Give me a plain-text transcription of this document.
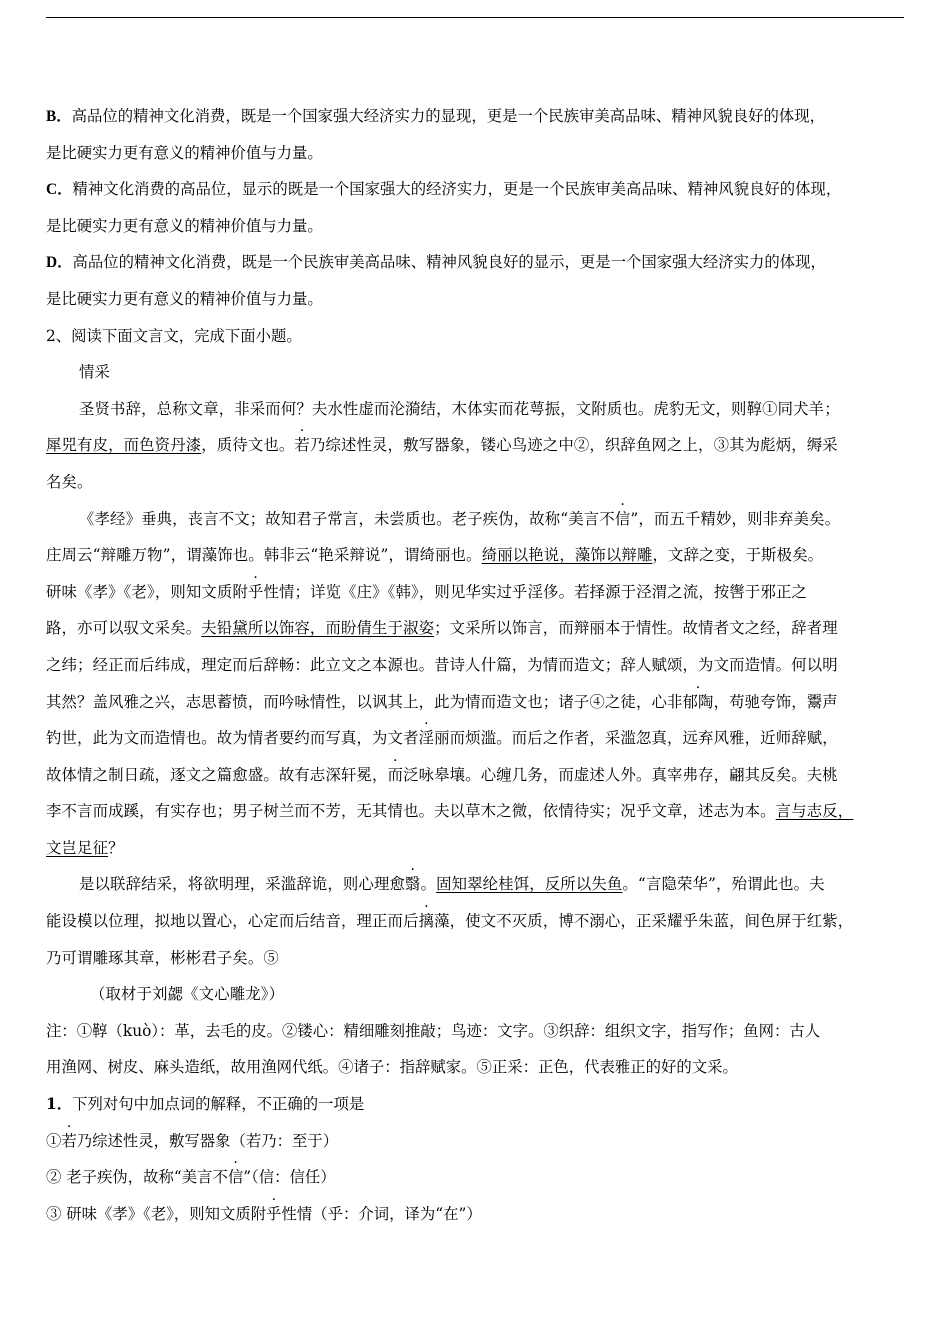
B．高品位的精神文化消费，既是一个国家强大经济实力的显现，更是一个民族审美高品味、精神风貌良好的体现，
是比硬实力更有意义的精神价值与力量。
C．精神文化消费的高品位，显示的既是一个国家强大的经济实力，更是一个民族审美高品味、精神风貌良好的体现，
是比硬实力更有意义的精神价值与力量。
D．高品位的精神文化消费，既是一个民族审美高品味、精神风貌良好的显示，更是一个国家强大经济实力的体现，
是比硬实力更有意义的精神价值与力量。
2、阅读下面文言文，完成下面小题。
情采
圣贤书辞，总称文章，非采而何？夫水性虚而沦漪结，木体实而花萼振，文附质也。虎豹无文，则鞟①同犬羊；
犀兕有皮，而色资丹漆，质待文也。若乃综述性灵，敷写器象，镂心鸟迹之中②，织辞鱼网之上，③其为彪炳，缛采
名矣。
《孝经》垂典，丧言不文；故知君子常言，未尝质也。老子疾伪，故称“美言不信”，而五千精妙，则非弃美矣。
庄周云“辩雕万物”，谓藻饰也。韩非云“艳采辩说”，谓绮丽也。绮丽以艳说，藻饰以辩雕，文辞之变，于斯极矣。
研味《孝》《老》，则知文质附乎性情；详览《庄》《韩》，则见华实过乎淫侈。若择源于泾渭之流，按辔于邪正之
路，亦可以驭文采矣。夫铅黛所以饰容，而盼倩生于淑姿；文采所以饰言，而辩丽本于情性。故情者文之经，辞者理
之纬；经正而后纬成，理定而后辞畅：此立文之本源也。昔诗人什篇，为情而造文；辞人赋颂，为文而造情。何以明
其然？盖风雅之兴，志思蓄愤，而吟咏情性，以讽其上，此为情而造文也；诸子④之徒，心非郁陶，苟驰夸饰，鬻声
钓世，此为文而造情也。故为情者要约而写真，为文者淫丽而烦滥。而后之作者，采滥忽真，远弃风雅，近师辞赋，
故体情之制日疏，逐文之篇愈盛。故有志深轩冕，而泛咏皋壤。心缠几务，而虚述人外。真宰弗存，翩其反矣。夫桃
李不言而成蹊，有实存也；男子树兰而不芳，无其情也。夫以草木之微，依情待实；况乎文章，述志为本。言与志反，
文岂足征？
是以联辞结采，将欲明理，采滥辞诡，则心理愈翳。固知翠纶桂饵，反所以失鱼。“言隐荣华”，殆谓此也。夫
能设模以位理，拟地以置心，心定而后结音，理正而后摛藻，使文不灭质，博不溺心，正采耀乎朱蓝，间色屏于红紫，
乃可谓雕琢其章，彬彬君子矣。⑤
（取材于刘勰《文心雕龙》）
注：①鞟（kuò）：革，去毛的皮。②镂心：精细雕刻推敲；鸟迹：文字。③织辞：组织文字，指写作；鱼网：古人
用渔网、树皮、麻头造纸，故用渔网代纸。④诸子：指辞赋家。⑤正采：正色，代表雅正的好的文采。
1．下列对句中加点词的解释，不正确的一项是
①若乃综述性灵，敷写器象（若乃：至于）
② 老子疾伪，故称“美言不信”（信：信任）
③ 研味《孝》《老》，则知文质附乎性情（乎：介词，译为“在”）
